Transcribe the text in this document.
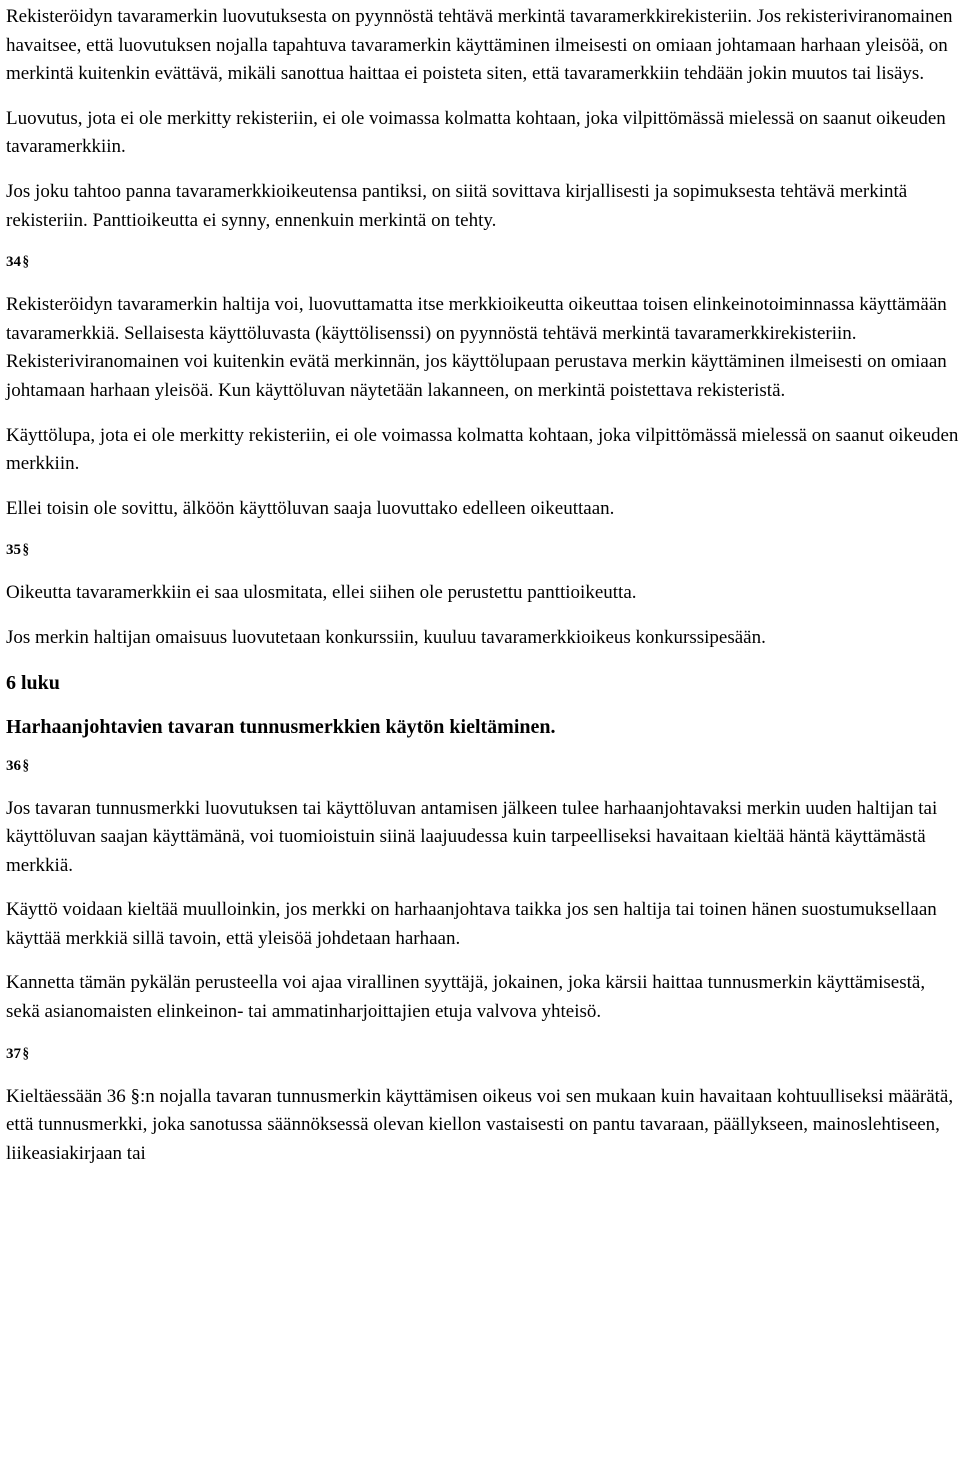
Rekisteröidyn tavaramerkin luovutuksesta on pyynnöstä tehtävä merkintä tavaramerkkirekisteriin. Jos rekisteriviranomainen havaitsee, että luovutuksen nojalla tapahtuva tavaramerkin käyttäminen ilmeisesti on omiaan johtamaan harhaan yleisöä, on merkintä kuitenkin evättävä, mikäli sanottua haittaa ei poisteta siten, että tavaramerkkiin tehdään jokin muutos tai lisäys.

Luovutus, jota ei ole merkitty rekisteriin, ei ole voimassa kolmatta kohtaan, joka vilpittömässä mielessä on saanut oikeuden tavaramerkkiin.

Jos joku tahtoo panna tavaramerkkioikeutensa pantiksi, on siitä sovittava kirjallisesti ja sopimuksesta tehtävä merkintä rekisteriin. Panttioikeutta ei synny, ennenkuin merkintä on tehty.

34 §

Rekisteröidyn tavaramerkin haltija voi, luovuttamatta itse merkkioikeutta oikeuttaa toisen elinkeinotoiminnassa käyttämään tavaramerkkiä. Sellaisesta käyttöluvasta (käyttölisenssi) on pyynnöstä tehtävä merkintä tavaramerkkirekisteriin. Rekisteriviranomainen voi kuitenkin evätä merkinnän, jos käyttölupaan perustava merkin käyttäminen ilmeisesti on omiaan johtamaan harhaan yleisöä. Kun käyttöluvan näytetään lakanneen, on merkintä poistettava rekisteristä.

Käyttölupa, jota ei ole merkitty rekisteriin, ei ole voimassa kolmatta kohtaan, joka vilpittömässä mielessä on saanut oikeuden merkkiin.

Ellei toisin ole sovittu, älköön käyttöluvan saaja luovuttako edelleen oikeuttaan.

35 §

Oikeutta tavaramerkkiin ei saa ulosmitata, ellei siihen ole perustettu panttioikeutta.

Jos merkin haltijan omaisuus luovutetaan konkurssiin, kuuluu tavaramerkkioikeus konkurssipesään.

6 luku
Harhaanjohtavien tavaran tunnusmerkkien käytön kieltäminen.
36 §

Jos tavaran tunnusmerkki luovutuksen tai käyttöluvan antamisen jälkeen tulee harhaanjohtavaksi merkin uuden haltijan tai käyttöluvan saajan käyttämänä, voi tuomioistuin siinä laajuudessa kuin tarpeelliseksi havaitaan kieltää häntä käyttämästä merkkiä.

Käyttö voidaan kieltää muulloinkin, jos merkki on harhaanjohtava taikka jos sen haltija tai toinen hänen suostumuksellaan käyttää merkkiä sillä tavoin, että yleisöä johdetaan harhaan.

Kannetta tämän pykälän perusteella voi ajaa virallinen syyttäjä, jokainen, joka kärsii haittaa tunnusmerkin käyttämisestä, sekä asianomaisten elinkeinon- tai ammatinharjoittajien etuja valvova yhteisö.

37 §

Kieltäessään 36 §:n nojalla tavaran tunnusmerkin käyttämisen oikeus voi sen mukaan kuin havaitaan kohtuulliseksi määrätä, että tunnusmerkki, joka sanotussa säännöksessä olevan kiellon vastaisesti on pantu tavaraan, päällykseen, mainoslehtiseen, liikeasiakirjaan tai
